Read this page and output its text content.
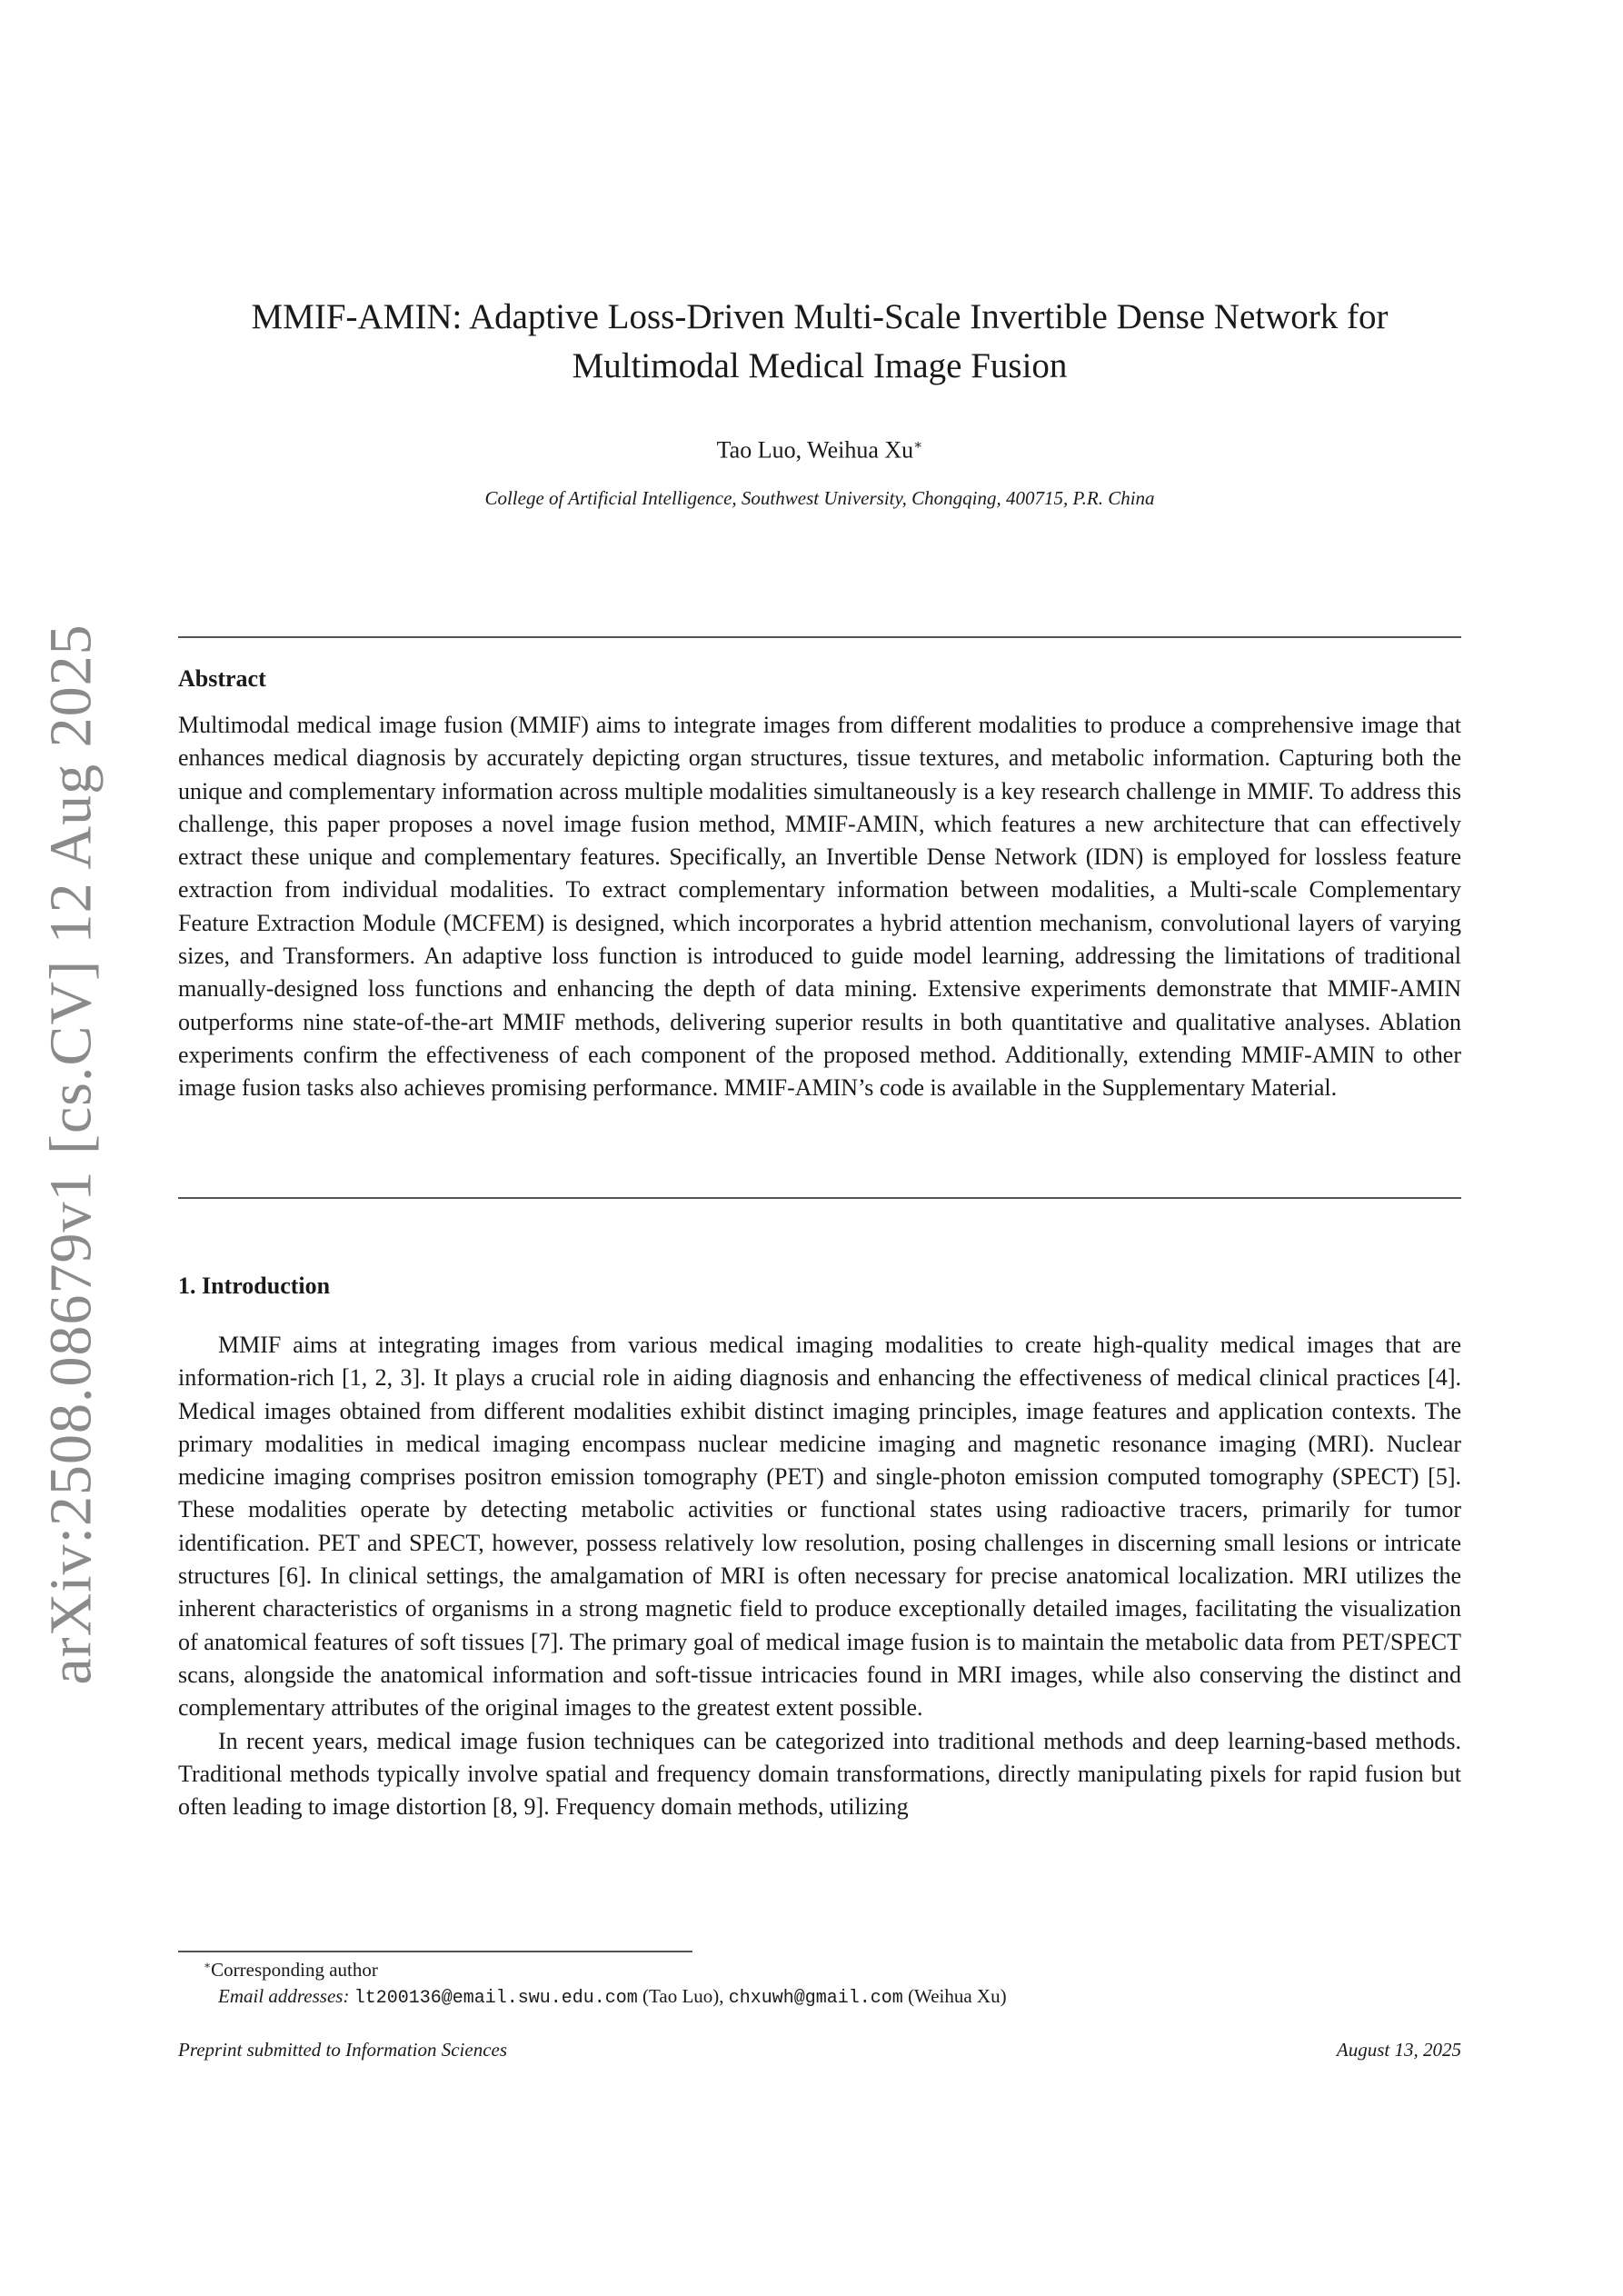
arXiv:2508.08679v1 [cs.CV] 12 Aug 2025
MMIF-AMIN: Adaptive Loss-Driven Multi-Scale Invertible Dense Network for
Multimodal Medical Image Fusion
Tao Luo, Weihua Xu∗
College of Artificial Intelligence, Southwest University, Chongqing, 400715, P.R. China
Abstract

Multimodal medical image fusion (MMIF) aims to integrate images from different modalities to produce a comprehensive image that enhances medical diagnosis by accurately depicting organ structures, tissue textures, and metabolic information. Capturing both the unique and complementary information across multiple modalities simultaneously is a key research challenge in MMIF. To address this challenge, this paper proposes a novel image fusion method, MMIF-AMIN, which features a new architecture that can effectively extract these unique and complementary features. Specifically, an Invertible Dense Network (IDN) is employed for lossless feature extraction from individual modalities. To extract complementary information between modalities, a Multi-scale Complementary Feature Extraction Module (MCFEM) is designed, which incorporates a hybrid attention mechanism, convolutional layers of varying sizes, and Transformers. An adaptive loss function is introduced to guide model learning, addressing the limitations of traditional manually-designed loss functions and enhancing the depth of data mining. Extensive experiments demonstrate that MMIF-AMIN outperforms nine state-of-the-art MMIF methods, delivering superior results in both quantitative and qualitative analyses. Ablation experiments confirm the effectiveness of each component of the proposed method. Additionally, extending MMIF-AMIN to other image fusion tasks also achieves promising performance. MMIF-AMIN’s code is available in the Supplementary Material.

1. Introduction

MMIF aims at integrating images from various medical imaging modalities to create high-quality medical images that are information-rich [1, 2, 3]. It plays a crucial role in aiding diagnosis and enhancing the effectiveness of medical clinical practices [4]. Medical images obtained from different modalities exhibit distinct imaging principles, image features and application contexts. The primary modalities in medical imaging encompass nuclear medicine imaging and magnetic resonance imaging (MRI). Nuclear medicine imaging comprises positron emission tomography (PET) and single-photon emission computed tomography (SPECT) [5]. These modalities operate by detecting metabolic activities or functional states using radioactive tracers, primarily for tumor identification. PET and SPECT, however, possess relatively low resolution, posing challenges in discerning small lesions or intricate structures [6]. In clinical settings, the amalgamation of MRI is often necessary for precise anatomical localization. MRI utilizes the inherent characteristics of organisms in a strong magnetic field to produce exceptionally detailed images, facilitating the visualization of anatomical features of soft tissues [7]. The primary goal of medical image fusion is to maintain the metabolic data from PET/SPECT scans, alongside the anatomical information and soft-tissue intricacies found in MRI images, while also conserving the distinct and complementary attributes of the original images to the greatest extent possible.

In recent years, medical image fusion techniques can be categorized into traditional methods and deep learning-based methods. Traditional methods typically involve spatial and frequency domain transformations, directly manipulating pixels for rapid fusion but often leading to image distortion [8, 9]. Frequency domain methods, utilizing

∗Corresponding author
Email addresses: lt200136@email.swu.edu.com (Tao Luo), chxuwh@gmail.com (Weihua Xu)
Preprint submitted to Information Sciences	August 13, 2025
